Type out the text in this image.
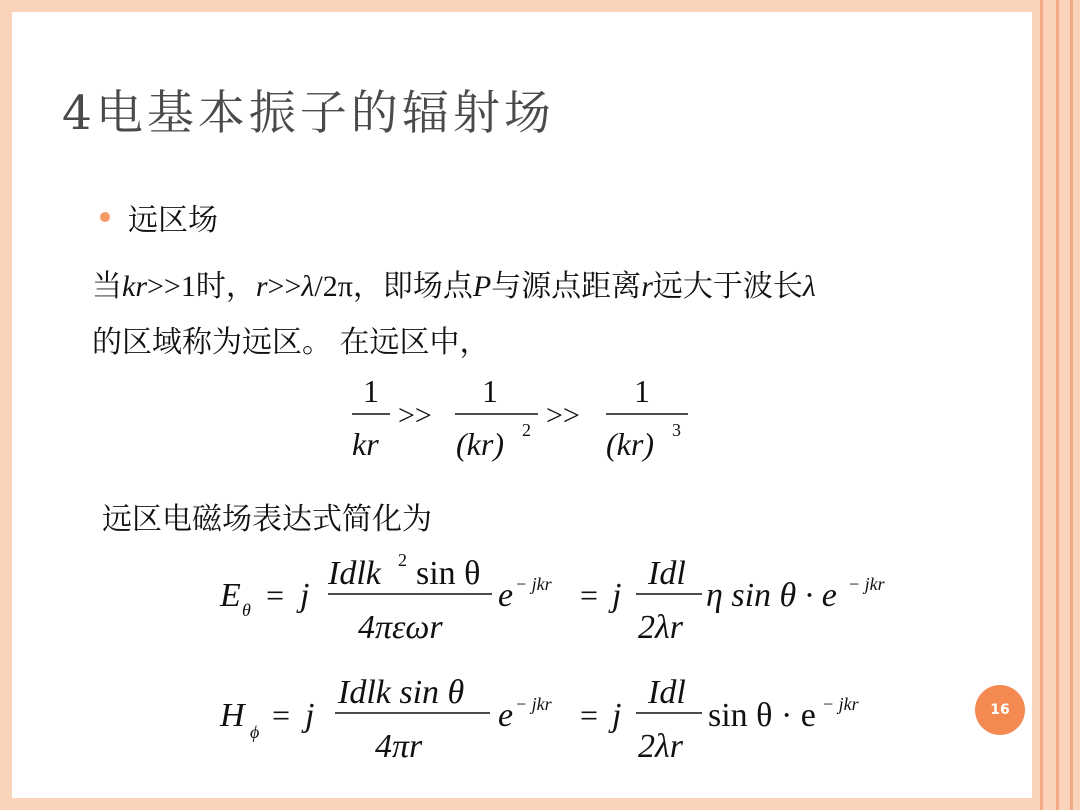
4电基本振子的辐射场
远区场
当kr>>1时，r>>λ/2π，即场点P与源点距离r远大于波长λ
的区域称为远区。 在远区中，
远区电磁场表达式简化为
1
kr
>>
1
(kr) 2 >>
1
(kr) 3
E θ = j
Idlk 2 sin θ
4πεωr
e − jkr = j
Idl
2λr
η sin θ · e − jkr
H ϕ = j
Idlk sin θ
4πr
e − jkr = j
Idl
2λr
sin θ · e − jkr	16
